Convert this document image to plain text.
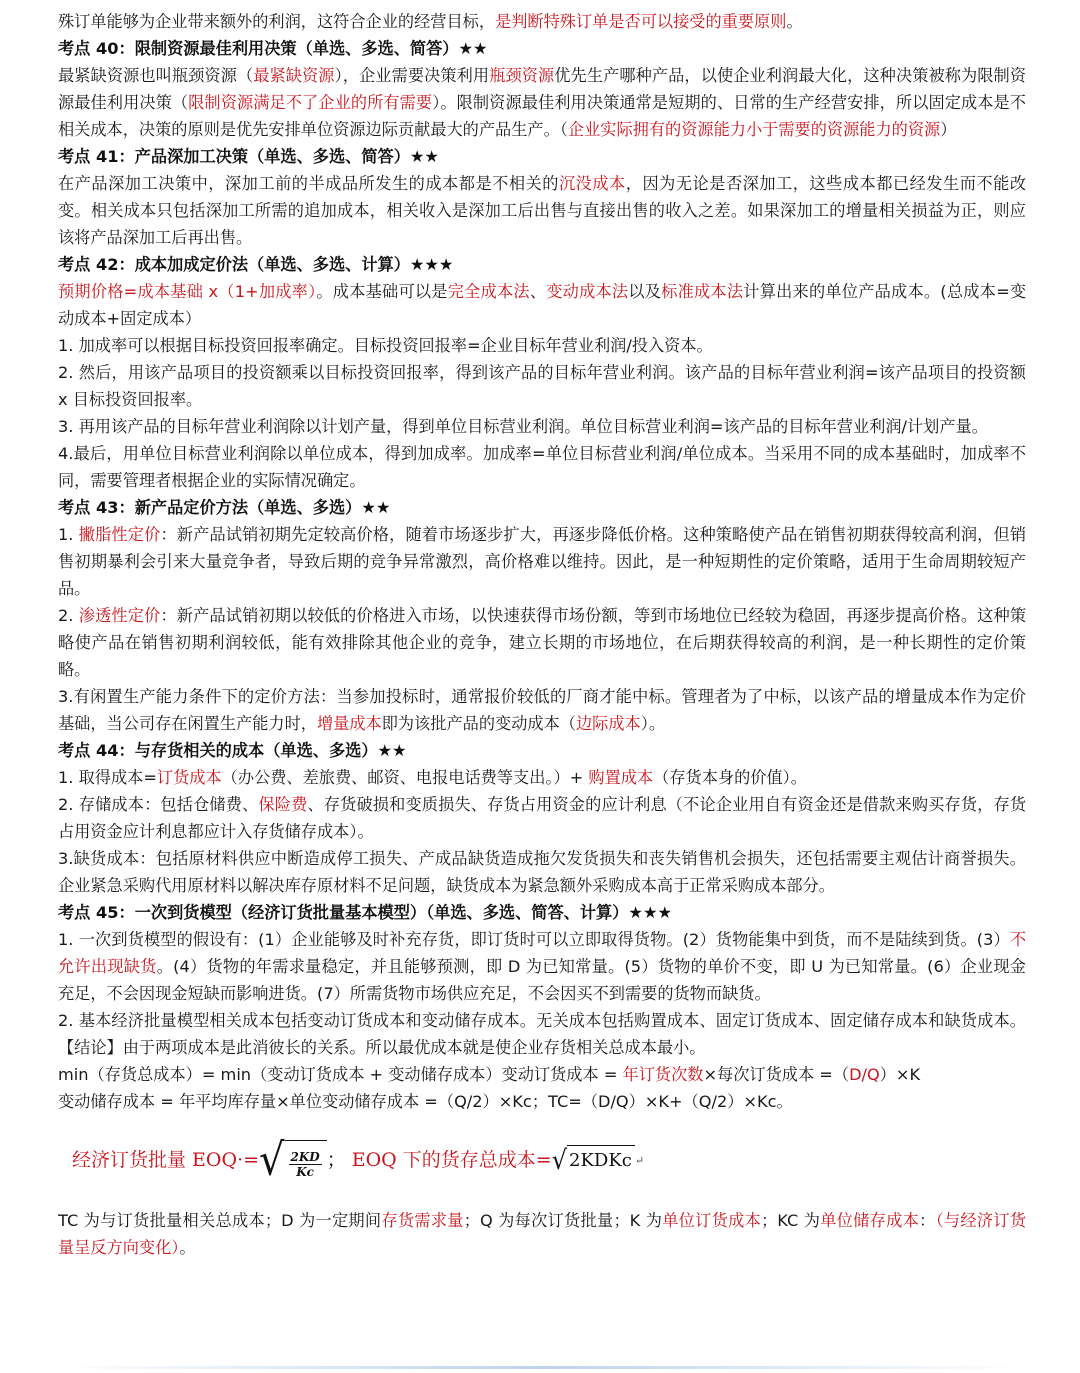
殊订单能够为企业带来额外的利润，这符合企业的经营目标，是判断特殊订单是否可以接受的重要原则。

考点 40：限制资源最佳利用决策（单选、多选、简答）★★

最紧缺资源也叫瓶颈资源（最紧缺资源），企业需要决策利用瓶颈资源优先生产哪种产品，以使企业利润最大化，这种决策被称为限制资源最佳利用决策（限制资源满足不了企业的所有需要）。限制资源最佳利用决策通常是短期的、日常的生产经营安排，所以固定成本是不相关成本，决策的原则是优先安排单位资源边际贡献最大的产品生产。（企业实际拥有的资源能力小于需要的资源能力的资源）

考点 41：产品深加工决策（单选、多选、简答）★★

在产品深加工决策中，深加工前的半成品所发生的成本都是不相关的沉没成本，因为无论是否深加工，这些成本都已经发生而不能改变。相关成本只包括深加工所需的追加成本，相关收入是深加工后出售与直接出售的收入之差。如果深加工的增量相关损益为正，则应该将产品深加工后再出售。

考点 42：成本加成定价法（单选、多选、计算）★★★

预期价格=成本基础 x（1+加成率）。成本基础可以是完全成本法、变动成本法以及标准成本法计算出来的单位产品成本。(总成本=变动成本+固定成本）

1. 加成率可以根据目标投资回报率确定。目标投资回报率=企业目标年营业利润/投入资本。

2. 然后，用该产品项目的投资额乘以目标投资回报率，得到该产品的目标年营业利润。该产品的目标年营业利润=该产品项目的投资额 x 目标投资回报率。

3. 再用该产品的目标年营业利润除以计划产量，得到单位目标营业利润。单位目标营业利润=该产品的目标年营业利润/计划产量。

4.最后，用单位目标营业利润除以单位成本，得到加成率。加成率=单位目标营业利润/单位成本。当采用不同的成本基础时，加成率不同，需要管理者根据企业的实际情况确定。

考点 43：新产品定价方法（单选、多选）★★

1. 撇脂性定价：新产品试销初期先定较高价格，随着市场逐步扩大，再逐步降低价格。这种策略使产品在销售初期获得较高利润，但销售初期暴利会引来大量竞争者，导致后期的竞争异常激烈，高价格难以维持。因此，是一种短期性的定价策略，适用于生命周期较短产品。

2. 渗透性定价：新产品试销初期以较低的价格进入市场，以快速获得市场份额，等到市场地位已经较为稳固，再逐步提高价格。这种策略使产品在销售初期利润较低，能有效排除其他企业的竞争，建立长期的市场地位，在后期获得较高的利润，是一种长期性的定价策略。

3.有闲置生产能力条件下的定价方法：当参加投标时，通常报价较低的厂商才能中标。管理者为了中标，以该产品的增量成本作为定价基础，当公司存在闲置生产能力时，增量成本即为该批产品的变动成本（边际成本）。

考点 44：与存货相关的成本（单选、多选）★★

1. 取得成本=订货成本（办公费、差旅费、邮资、电报电话费等支出。）+ 购置成本（存货本身的价值）。

2. 存储成本：包括仓储费、保险费、存货破损和变质损失、存货占用资金的应计利息（不论企业用自有资金还是借款来购买存货，存货占用资金应计利息都应计入存货储存成本）。

3.缺货成本：包括原材料供应中断造成停工损失、产成品缺货造成拖欠发货损失和丧失销售机会损失，还包括需要主观估计商誉损失。企业紧急采购代用原材料以解决库存原材料不足问题，缺货成本为紧急额外采购成本高于正常采购成本部分。

考点 45：一次到货模型（经济订货批量基本模型）（单选、多选、简答、计算）★★★

1. 一次到货模型的假设有：(1）企业能够及时补充存货，即订货时可以立即取得货物。(2）货物能集中到货，而不是陆续到货。(3）不允许出现缺货。(4）货物的年需求量稳定，并且能够预测，即 D 为已知常量。(5）货物的单价不变，即 U 为已知常量。(6）企业现金充足，不会因现金短缺而影响进货。(7）所需货物市场供应充足，不会因买不到需要的货物而缺货。

2. 基本经济批量模型相关成本包括变动订货成本和变动储存成本。无关成本包括购置成本、固定订货成本、固定储存成本和缺货成本。【结论】由于两项成本是此消彼长的关系。所以最优成本就是使企业存货相关总成本最小。

min（存货总成本）= min（变动订货成本 + 变动储存成本）变动订货成本 = 年订货次数×每次订货成本 =（D/Q）×K

变动储存成本 = 年平均库存量×单位变动储存成本 =（Q/2）×Kc；TC=（D/Q）×K+（Q/2）×Kc。

经济订货批量 EOQ·= √ $\frac{2KD}{Kc}$ ； EOQ 下的货存总成本= √ 2KDKc ↵

TC 为与订货批量相关总成本；D 为一定期间存货需求量；Q 为每次订货批量；K 为单位订货成本；KC 为单位储存成本：（与经济订货量呈反方向变化）。
